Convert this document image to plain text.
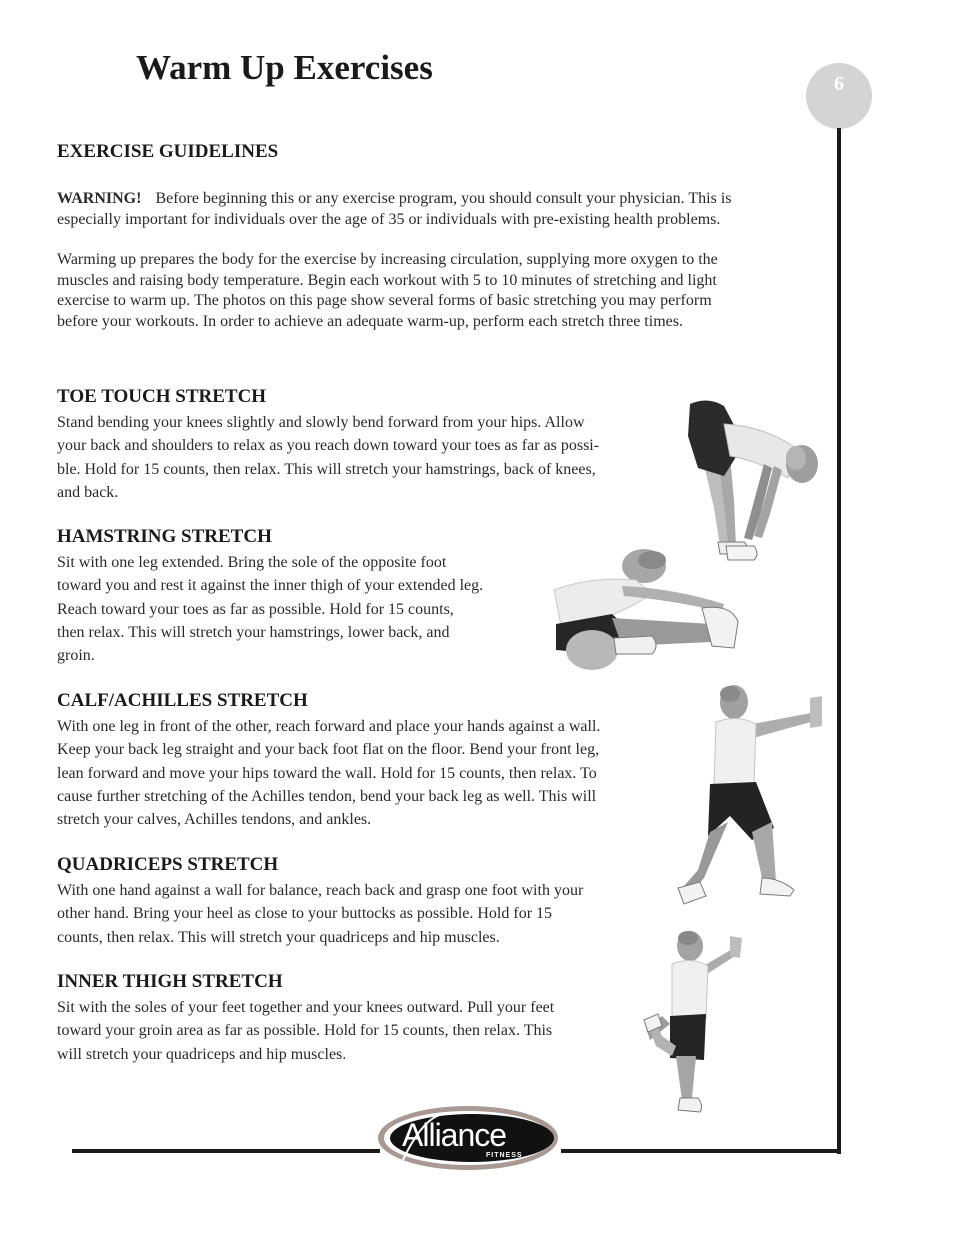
Warm Up Exercises	6
EXERCISE GUIDELINES
WARNING! Before beginning this or any exercise program, you should consult your physician. This is
especially important for individuals over the age of 35 or individuals with pre-existing health problems.
Warming up prepares the body for the exercise by increasing circulation, supplying more oxygen to the
muscles and raising body temperature. Begin each workout with 5 to 10 minutes of stretching and light
exercise to warm up. The photos on this page show several forms of basic stretching you may perform
before your workouts. In order to achieve an adequate warm-up, perform each stretch three times.
TOE TOUCH STRETCH
Stand bending your knees slightly and slowly bend forward from your hips. Allow
your back and shoulders to relax as you reach down toward your toes as far as possi-
ble. Hold for 15 counts, then relax. This will stretch your hamstrings, back of knees,
and back.
HAMSTRING STRETCH
Sit with one leg extended. Bring the sole of the opposite foot
toward you and rest it against the inner thigh of your extended leg.
Reach toward your toes as far as possible. Hold for 15 counts,
then relax. This will stretch your hamstrings, lower back, and
groin.
CALF/ACHILLES STRETCH
With one leg in front of the other, reach forward and place your hands against a wall.
Keep your back leg straight and your back foot flat on the floor. Bend your front leg,
lean forward and move your hips toward the wall. Hold for 15 counts, then relax. To
cause further stretching of the Achilles tendon, bend your back leg as well. This will
stretch your calves, Achilles tendons, and ankles.
QUADRICEPS STRETCH
With one hand against a wall for balance, reach back and grasp one foot with your
other hand. Bring your heel as close to your buttocks as possible. Hold for 15
counts, then relax. This will stretch your quadriceps and hip muscles.
INNER THIGH STRETCH
Sit with the soles of your feet together and your knees outward. Pull your feet
toward your groin area as far as possible. Hold for 15 counts, then relax. This
will stretch your quadriceps and hip muscles.
Alliance
FITNESS
